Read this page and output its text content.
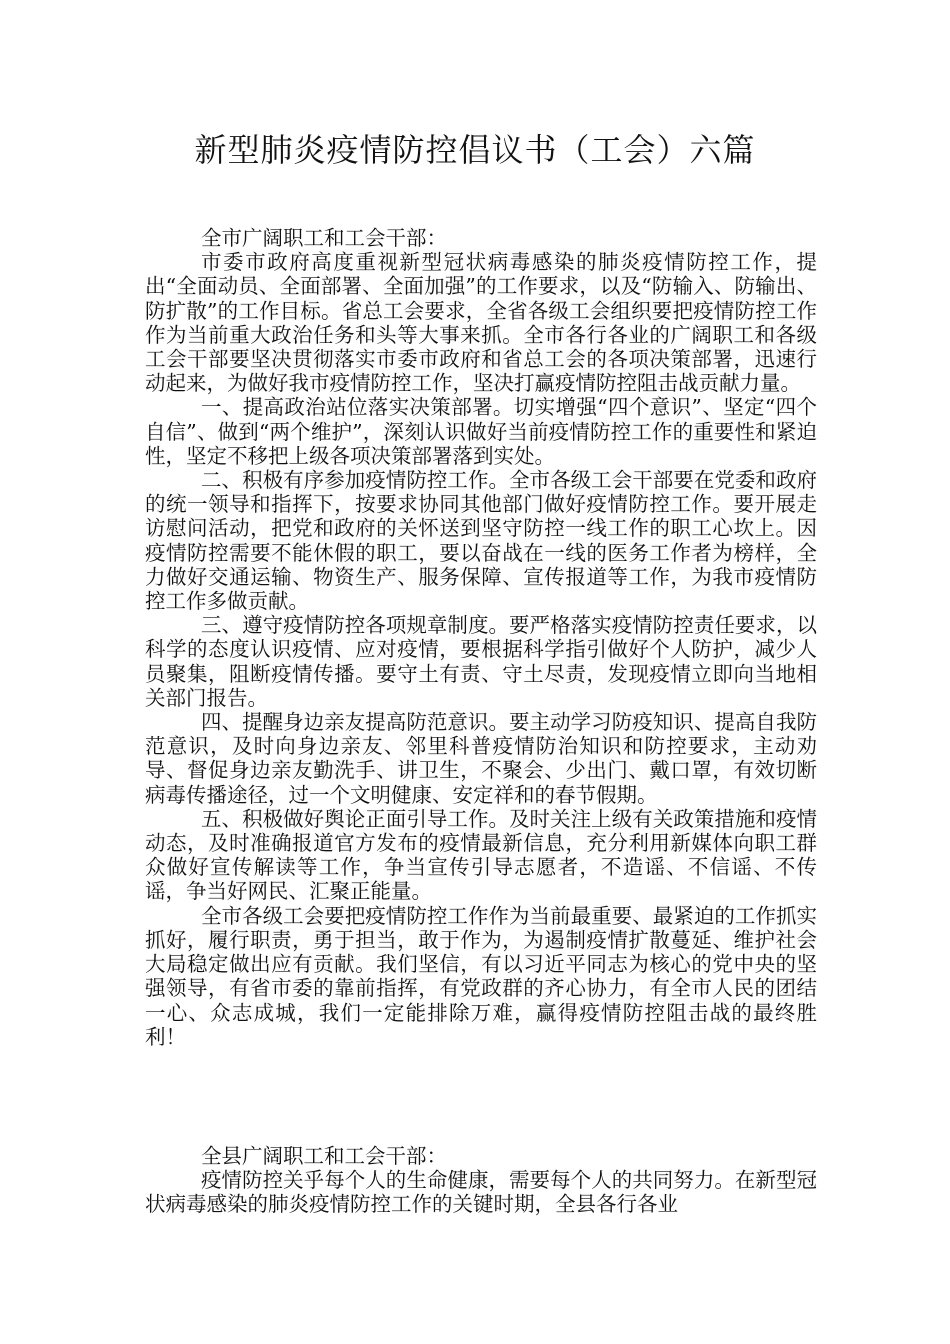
新型肺炎疫情防控倡议书（工会）六篇

全市广阔职工和工会干部：

市委市政府高度重视新型冠状病毒感染的肺炎疫情防控工作，提出“全面动员、全面部署、全面加强”的工作要求，以及“防输入、防输出、防扩散”的工作目标。省总工会要求，全省各级工会组织要把疫情防控工作作为当前重大政治任务和头等大事来抓。全市各行各业的广阔职工和各级工会干部要坚决贯彻落实市委市政府和省总工会的各项决策部署，迅速行动起来，为做好我市疫情防控工作，坚决打赢疫情防控阻击战贡献力量。

一、提高政治站位落实决策部署。切实增强“四个意识”、坚定“四个自信”、做到“两个维护”，深刻认识做好当前疫情防控工作的重要性和紧迫性，坚定不移把上级各项决策部署落到实处。

二、积极有序参加疫情防控工作。全市各级工会干部要在党委和政府的统一领导和指挥下，按要求协同其他部门做好疫情防控工作。要开展走访慰问活动，把党和政府的关怀送到坚守防控一线工作的职工心坎上。因疫情防控需要不能休假的职工，要以奋战在一线的医务工作者为榜样，全力做好交通运输、物资生产、服务保障、宣传报道等工作，为我市疫情防控工作多做贡献。

三、遵守疫情防控各项规章制度。要严格落实疫情防控责任要求，以科学的态度认识疫情、应对疫情，要根据科学指引做好个人防护，减少人员聚集，阻断疫情传播。要守土有责、守土尽责，发现疫情立即向当地相关部门报告。

四、提醒身边亲友提高防范意识。要主动学习防疫知识、提高自我防范意识，及时向身边亲友、邻里科普疫情防治知识和防控要求，主动劝导、督促身边亲友勤洗手、讲卫生，不聚会、少出门、戴口罩，有效切断病毒传播途径，过一个文明健康、安定祥和的春节假期。

五、积极做好舆论正面引导工作。及时关注上级有关政策措施和疫情动态，及时准确报道官方发布的疫情最新信息，充分利用新媒体向职工群众做好宣传解读等工作，争当宣传引导志愿者，不造谣、不信谣、不传谣，争当好网民、汇聚正能量。

全市各级工会要把疫情防控工作作为当前最重要、最紧迫的工作抓实抓好，履行职责，勇于担当，敢于作为，为遏制疫情扩散蔓延、维护社会大局稳定做出应有贡献。我们坚信，有以习近平同志为核心的党中央的坚强领导，有省市委的靠前指挥，有党政群的齐心协力，有全市人民的团结一心、众志成城，我们一定能排除万难，赢得疫情防控阻击战的最终胜利！

全县广阔职工和工会干部：

疫情防控关乎每个人的生命健康，需要每个人的共同努力。在新型冠状病毒感染的肺炎疫情防控工作的关键时期，全县各行各业
